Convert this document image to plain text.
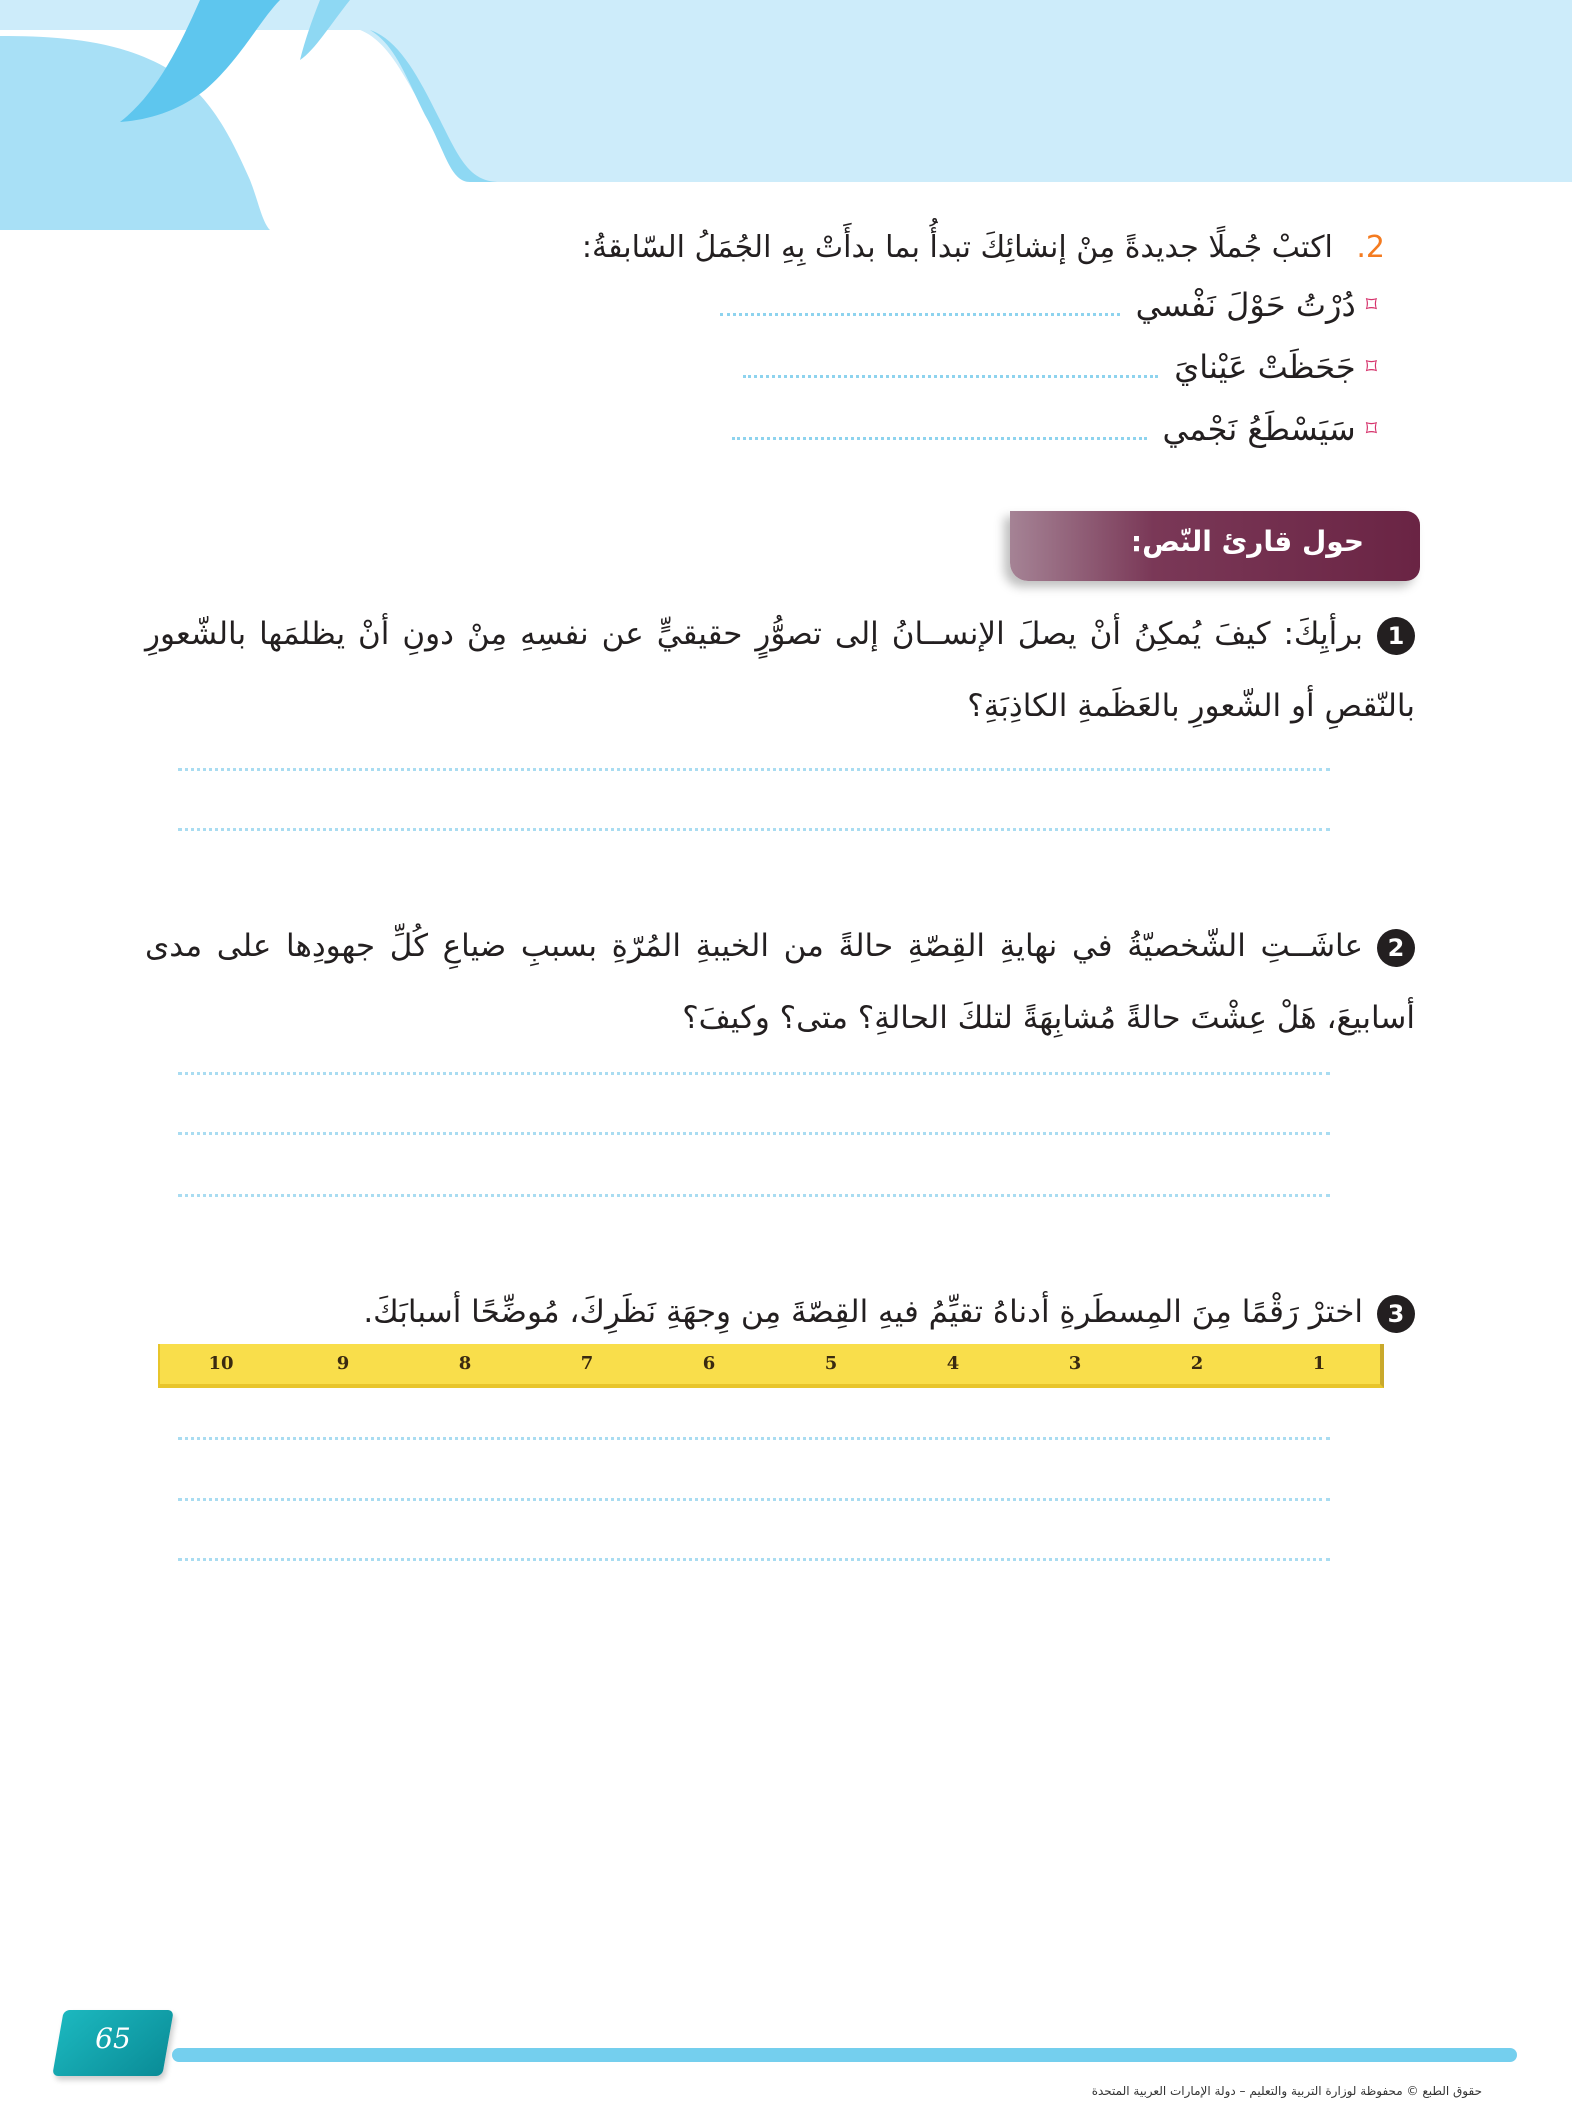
2. اكتبْ جُملًا جديدةً مِنْ إنشائِكَ تبدأُ بما بدأَتْ بِهِ الجُمَلُ السّابقةُ:
⌑
دُرْتُ حَوْلَ نَفْسي
⌑
جَحَظَتْ عَيْنايَ
⌑
سَيَسْطَعُ نَجْمي
حول قارئ النّص:
1برأيِكَ: كيفَ يُمكِنُ أنْ يصلَ الإنســانُ إلى تصوُّرٍ حقيقيٍّ عن نفسِهِ مِنْ دونِ أنْ يظلمَها بالشّعورِ بالنّقصِ أو الشّعورِ بالعَظَمةِ الكاذِبَةِ؟
2عاشَــتِ الشّخصيّةُ في نهايةِ القِصّةِ حالةً من الخيبةِ المُرّةِ بسببِ ضياعِ كُلِّ جهودِها على مدى أسابيعَ، هَلْ عِشْتَ حالةً مُشابِهَةً لتلكَ الحالةِ؟ متى؟ وكيفَ؟
3اخترْ رَقْمًا مِنَ المِسطَرةِ أدناهُ تقيِّمُ فيهِ القِصّةَ مِن وِجهَةِ نَظَرِكَ، مُوضِّحًا أسبابَكَ.
10	9	8	7	6	5	4	3	2	1
65
حقوق الطبع © محفوظة لوزارة التربية والتعليم – دولة الإمارات العربية المتحدة
